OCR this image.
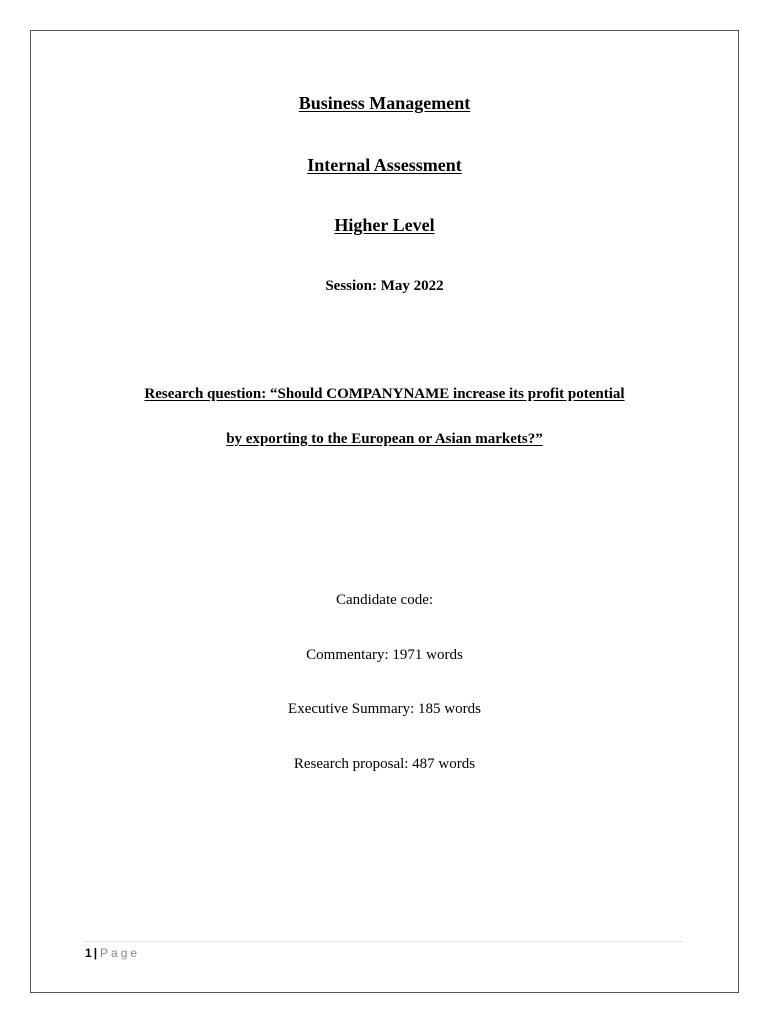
Business Management
Internal Assessment
Higher Level
Session: May 2022
Research question: “Should COMPANYNAME increase its profit potential
by exporting to the European or Asian markets?”
Candidate code:
Commentary: 1971 words
Executive Summary: 185 words
Research proposal: 487 words
1 | Page
